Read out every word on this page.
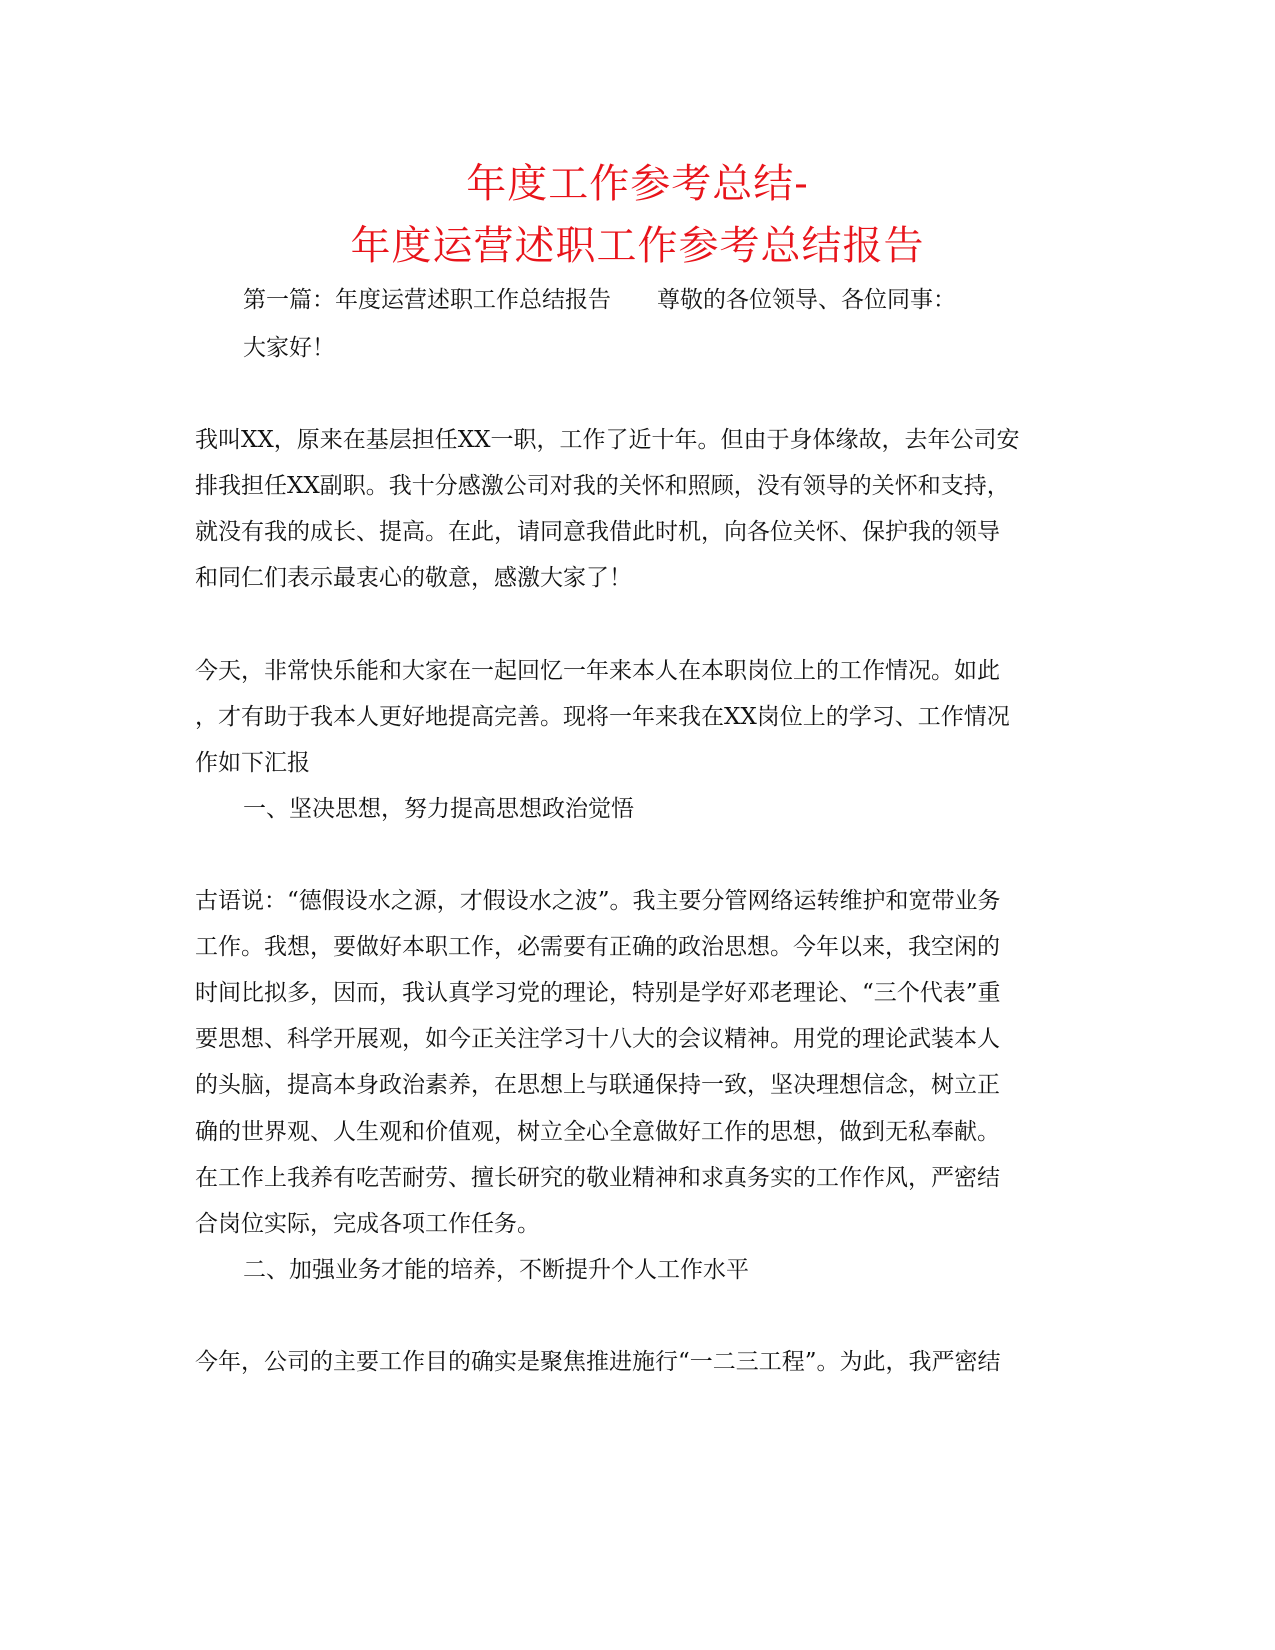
年度工作参考总结-
年度运营述职工作参考总结报告
第一篇：年度运营述职工作总结报告　　尊敬的各位领导、各位同事：
大家好！
我叫XX，原来在基层担任XX一职，工作了近十年。但由于身体缘故，去年公司安
排我担任XX副职。我十分感激公司对我的关怀和照顾，没有领导的关怀和支持，
就没有我的成长、提高。在此，请同意我借此时机，向各位关怀、保护我的领导
和同仁们表示最衷心的敬意，感激大家了！
今天，非常快乐能和大家在一起回忆一年来本人在本职岗位上的工作情况。如此
，才有助于我本人更好地提高完善。现将一年来我在XX岗位上的学习、工作情况
作如下汇报
一、坚决思想，努力提高思想政治觉悟
古语说：“德假设水之源，才假设水之波”。我主要分管网络运转维护和宽带业务
工作。我想，要做好本职工作，必需要有正确的政治思想。今年以来，我空闲的
时间比拟多，因而，我认真学习党的理论，特别是学好邓老理论、“三个代表”重
要思想、科学开展观，如今正关注学习十八大的会议精神。用党的理论武装本人
的头脑，提高本身政治素养，在思想上与联通保持一致，坚决理想信念，树立正
确的世界观、人生观和价值观，树立全心全意做好工作的思想，做到无私奉献。
在工作上我养有吃苦耐劳、擅长研究的敬业精神和求真务实的工作作风，严密结
合岗位实际，完成各项工作任务。
二、加强业务才能的培养，不断提升个人工作水平
今年，公司的主要工作目的确实是聚焦推进施行“一二三工程”。为此，我严密结
